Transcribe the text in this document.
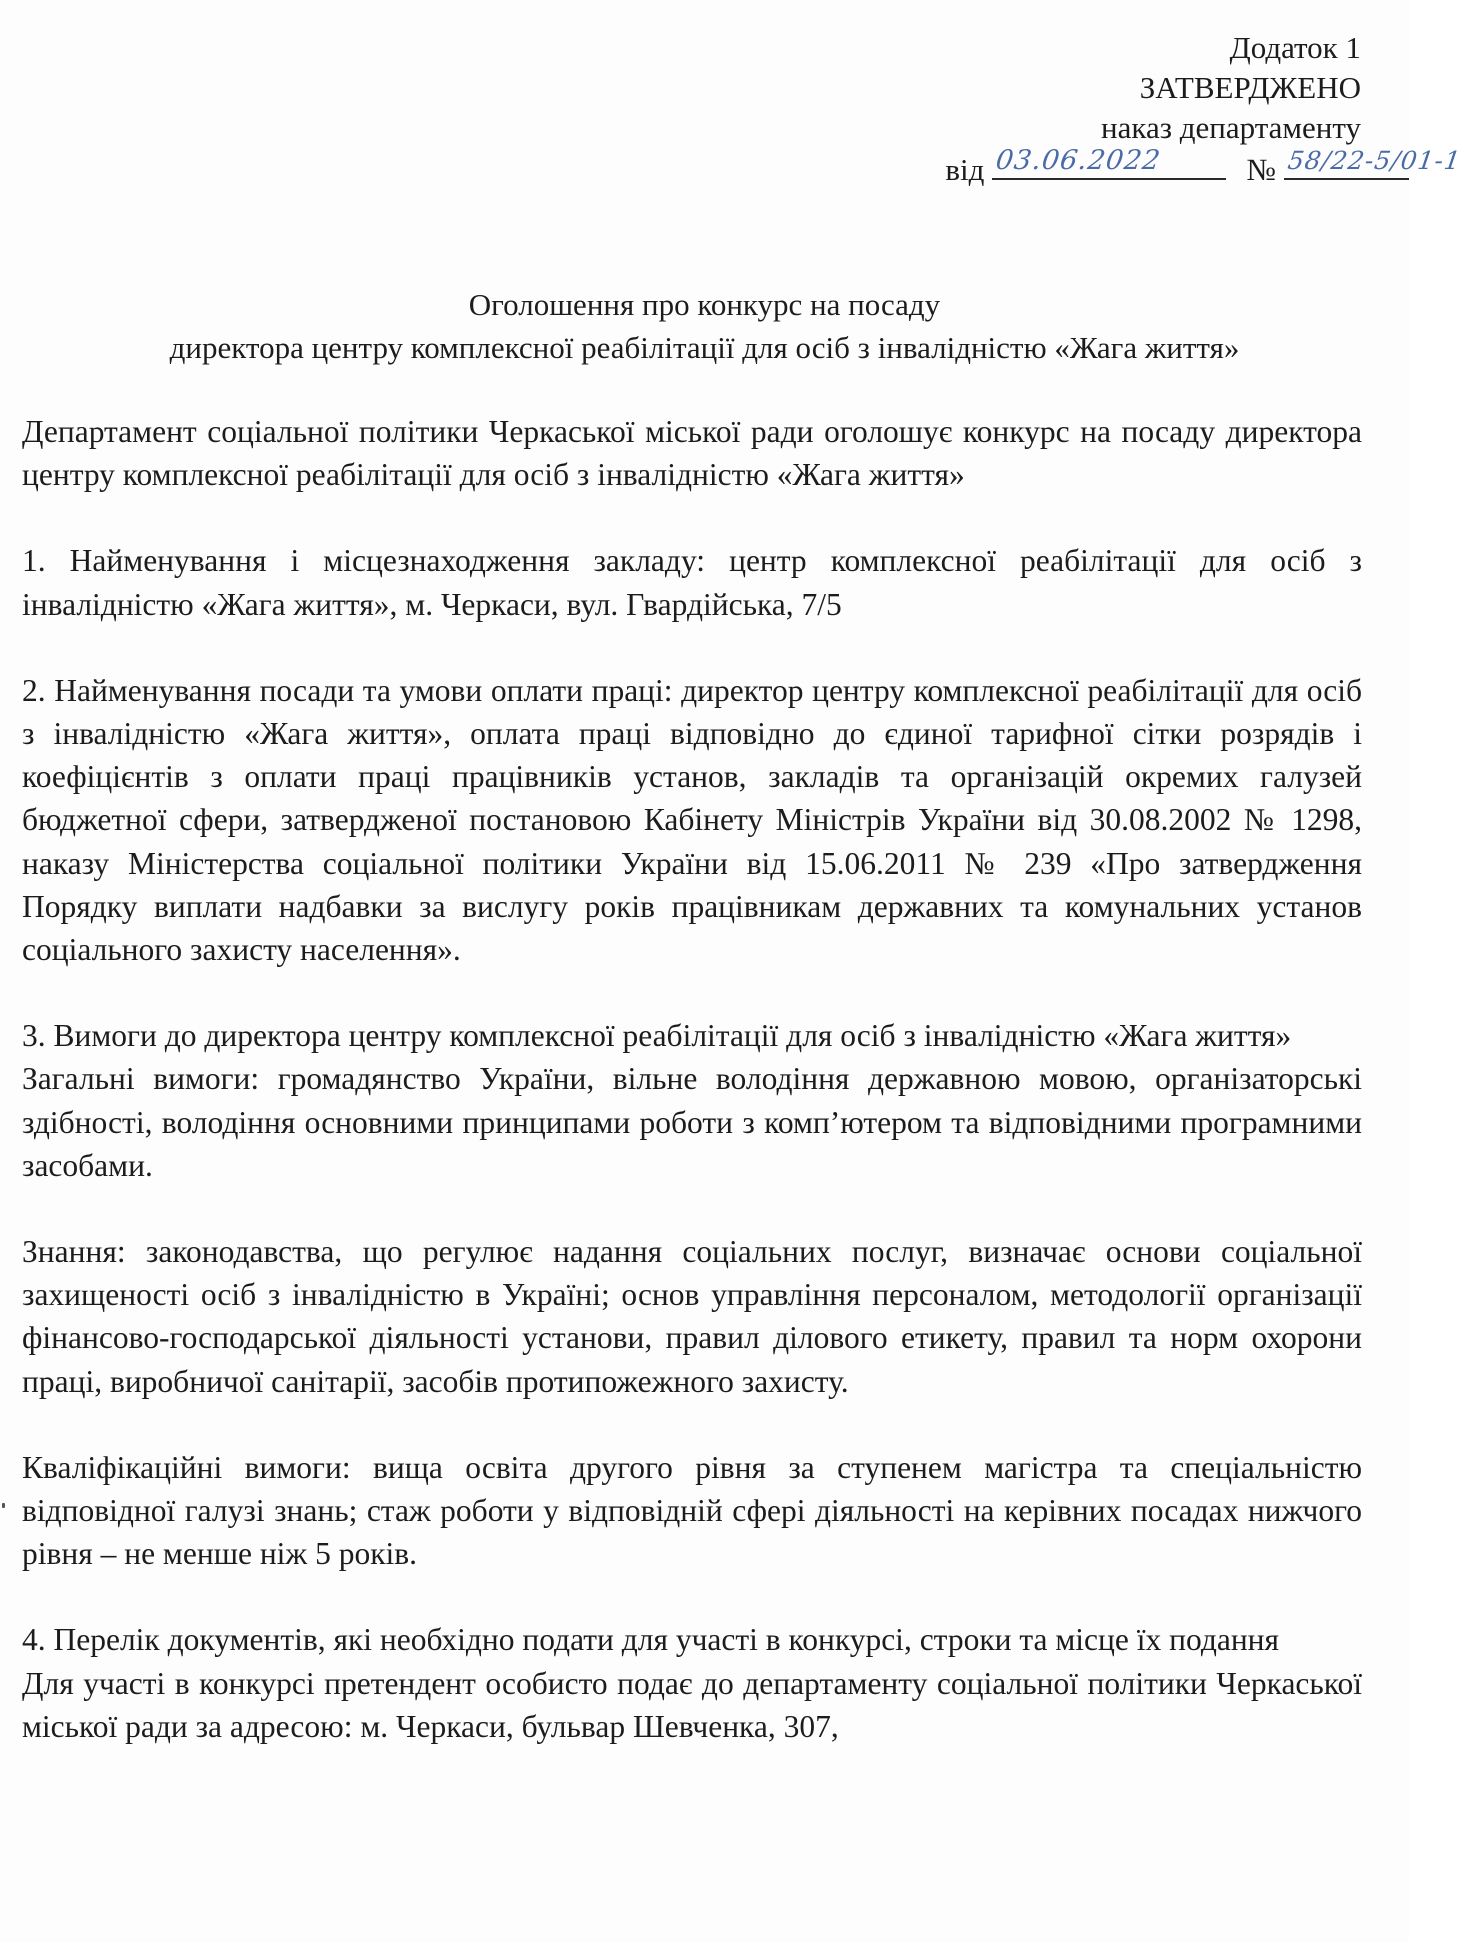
Додаток 1
ЗАТВЕРДЖЕНО
наказ департаменту
від 03.06.2022	№ 58/22-5/01-1
Оголошення про конкурс на посаду
директора центру комплексної реабілітації для осіб з інвалідністю «Жага життя»

Департамент соціальної політики Черкаської міської ради оголошує конкурс на посаду директора центру комплексної реабілітації для осіб з інвалідністю «Жага життя»

1. Найменування і місцезнаходження закладу: центр комплексної реабілітації для осіб з інвалідністю «Жага життя», м. Черкаси, вул. Гвардійська, 7/5

2. Найменування посади та умови оплати праці: директор центру комплексної реабілітації для осіб з інвалідністю «Жага життя», оплата праці відповідно до єдиної тарифної сітки розрядів і коефіцієнтів з оплати праці працівників установ, закладів та організацій окремих галузей бюджетної сфери, затвердженої постановою Кабінету Міністрів України від 30.08.2002 № 1298, наказу Міністерства соціальної політики України від 15.06.2011 № 239 «Про затвердження Порядку виплати надбавки за вислугу років працівникам державних та комунальних установ соціального захисту населення».

3. Вимоги до директора центру комплексної реабілітації для осіб з інвалідністю «Жага життя»

Загальні вимоги: громадянство України, вільне володіння державною мовою, організаторські здібності, володіння основними принципами роботи з комп’ютером та відповідними програмними засобами.

Знання: законодавства, що регулює надання соціальних послуг, визначає основи соціальної захищеності осіб з інвалідністю в Україні; основ управління персоналом, методології організації фінансово-господарської діяльності установи, правил ділового етикету, правил та норм охорони праці, виробничої санітарії, засобів протипожежного захисту.

Кваліфікаційні вимоги: вища освіта другого рівня за ступенем магістра та спеціальністю відповідної галузі знань; стаж роботи у відповідній сфері діяльності на керівних посадах нижчого рівня – не менше ніж 5 років.

4. Перелік документів, які необхідно подати для участі в конкурсі, строки та місце їх подання

Для участі в конкурсі претендент особисто подає до департаменту соціальної політики Черкаської міської ради за адресою: м. Черкаси, бульвар Шевченка, 307,
